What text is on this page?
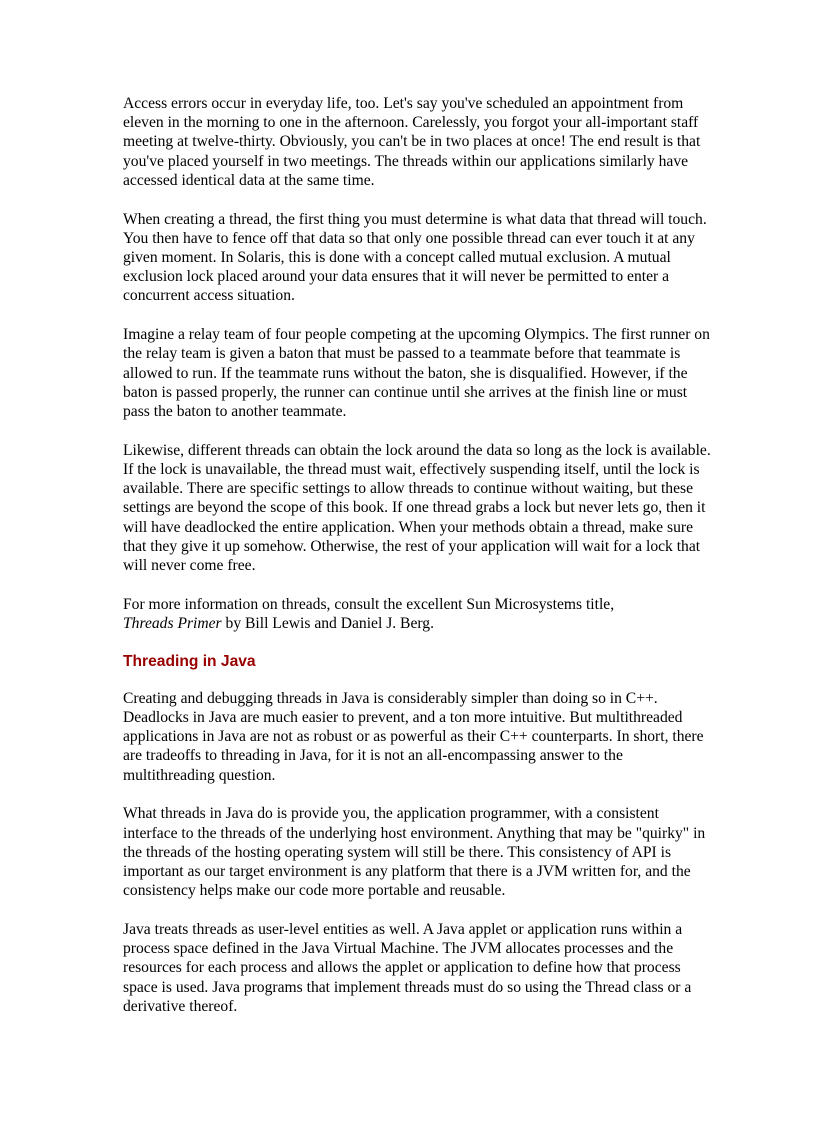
Access errors occur in everyday life, too. Let's say you've scheduled an appointment from eleven in the morning to one in the afternoon. Carelessly, you forgot your all-important staff meeting at twelve-thirty. Obviously, you can't be in two places at once! The end result is that you've placed yourself in two meetings. The threads within our applications similarly have accessed identical data at the same time.

When creating a thread, the first thing you must determine is what data that thread will touch. You then have to fence off that data so that only one possible thread can ever touch it at any given moment. In Solaris, this is done with a concept called mutual exclusion. A mutual exclusion lock placed around your data ensures that it will never be permitted to enter a concurrent access situation.

Imagine a relay team of four people competing at the upcoming Olympics. The first runner on the relay team is given a baton that must be passed to a teammate before that teammate is allowed to run. If the teammate runs without the baton, she is disqualified. However, if the baton is passed properly, the runner can continue until she arrives at the finish line or must pass the baton to another teammate.

Likewise, different threads can obtain the lock around the data so long as the lock is available. If the lock is unavailable, the thread must wait, effectively suspending itself, until the lock is available. There are specific settings to allow threads to continue without waiting, but these settings are beyond the scope of this book. If one thread grabs a lock but never lets go, then it will have deadlocked the entire application. When your methods obtain a thread, make sure that they give it up somehow. Otherwise, the rest of your application will wait for a lock that will never come free.

For more information on threads, consult the excellent Sun Microsystems title,
Threads Primer by Bill Lewis and Daniel J. Berg.

Threading in Java

Creating and debugging threads in Java is considerably simpler than doing so in C++. Deadlocks in Java are much easier to prevent, and a ton more intuitive. But multithreaded applications in Java are not as robust or as powerful as their C++ counterparts. In short, there are tradeoffs to threading in Java, for it is not an all-encompassing answer to the multithreading question.

What threads in Java do is provide you, the application programmer, with a consistent interface to the threads of the underlying host environment. Anything that may be "quirky" in the threads of the hosting operating system will still be there. This consistency of API is important as our target environment is any platform that there is a JVM written for, and the consistency helps make our code more portable and reusable.

Java treats threads as user-level entities as well. A Java applet or application runs within a process space defined in the Java Virtual Machine. The JVM allocates processes and the resources for each process and allows the applet or application to define how that process space is used. Java programs that implement threads must do so using the Thread class or a derivative thereof.
